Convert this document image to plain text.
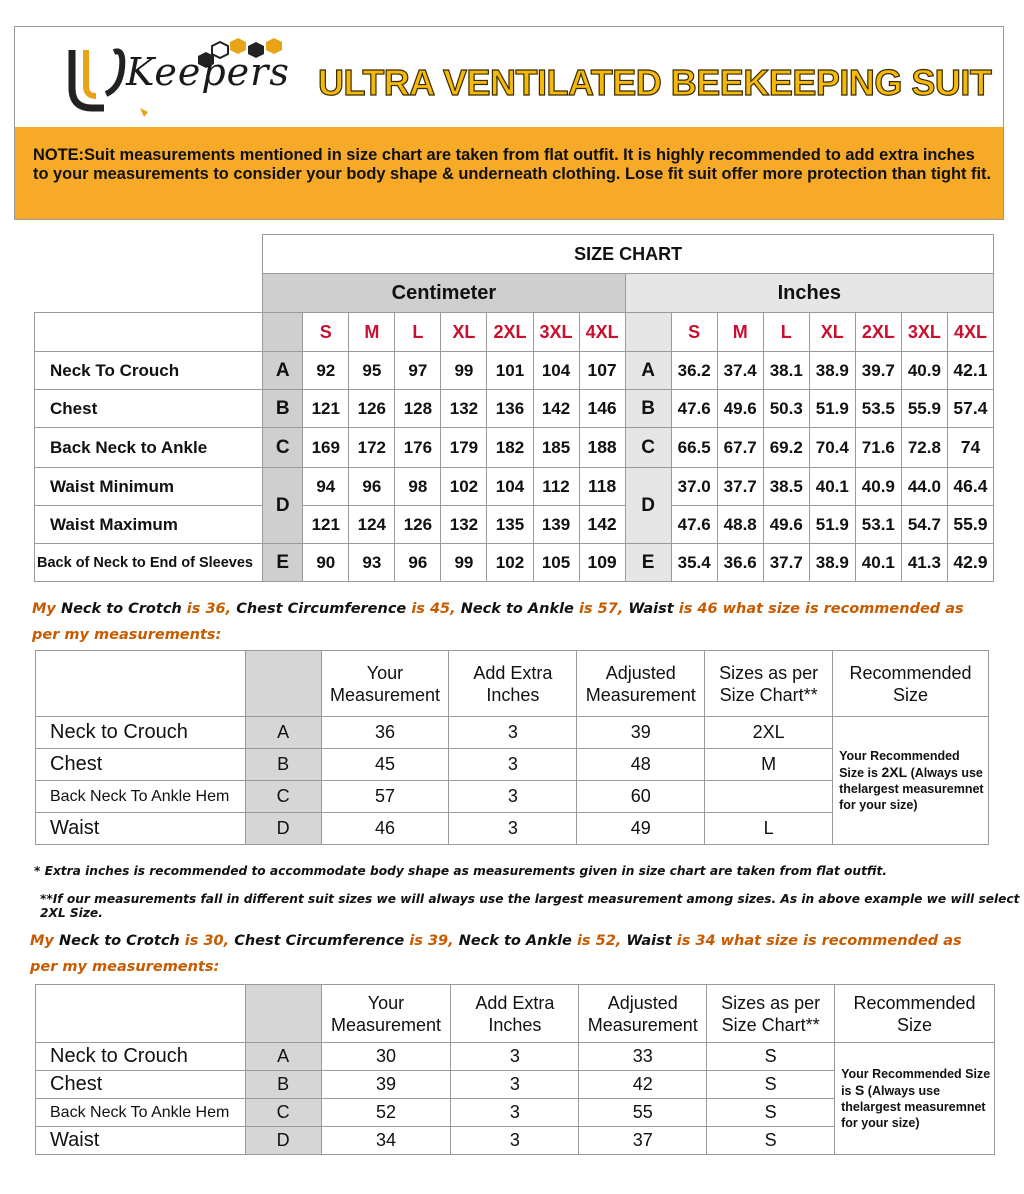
Keepers ULTRA VENTILATED BEEKEEPING SUIT
NOTE:Suit measurements mentioned in size chart are taken from flat outfit. It is highly recommended to add extra inches to your measurements to consider your body shape & underneath clothing. Lose fit suit offer more protection than tight fit.
	SIZE CHART															
	Centimeter								Inches							
		S	M	L	XL	2XL	3XL	4XL		S	M	L	XL	2XL	3XL	4XL
Neck To Crouch	A	92	95	97	99	101	104	107	A	36.2	37.4	38.1	38.9	39.7	40.9	42.1
Chest	B	121	126	128	132	136	142	146	B	47.6	49.6	50.3	51.9	53.5	55.9	57.4
Back Neck to Ankle	C	169	172	176	179	182	185	188	C	66.5	67.7	69.2	70.4	71.6	72.8	74
Waist Minimum	D	94	96	98	102	104	112	118	D	37.0	37.7	38.5	40.1	40.9	44.0	46.4
Waist Maximum		121	124	126	132	135	139	142		47.6	48.8	49.6	51.9	53.1	54.7	55.9
Back of Neck to End of Sleeves	E	90	93	96	99	102	105	109	E	35.4	36.6	37.7	38.9	40.1	41.3	42.9
My Neck to Crotch is 36, Chest Circumference is 45, Neck to Ankle is 57, Waist is 46 what size is recommended as per my measurements:
		Your Measurement	Add Extra Inches	Adjusted Measurement	Sizes as per Size Chart**	Recommended Size
Neck to Crouch	A	36	3	39	2XL	Your Recommended Size is 2XL (Always use thelargest measuremnet for your size)
Chest	B	45	3	48	M	
Back Neck To Ankle Hem	C	57	3	60		
Waist	D	46	3	49	L	
* Extra inches is recommended to accommodate body shape as measurements given in size chart are taken from flat outfit.
**If our measurements fall in different suit sizes we will always use the largest measurement among sizes. As in above example we will select 2XL Size.
My Neck to Crotch is 30, Chest Circumference is 39, Neck to Ankle is 52, Waist is 34 what size is recommended as per my measurements:
		Your Measurement	Add Extra Inches	Adjusted Measurement	Sizes as per Size Chart**	Recommended Size
Neck to Crouch	A	30	3	33	S	Your Recommended Size is S (Always use thelargest measuremnet for your size)
Chest	B	39	3	42	S	
Back Neck To Ankle Hem	C	52	3	55	S	
Waist	D	34	3	37	S	
